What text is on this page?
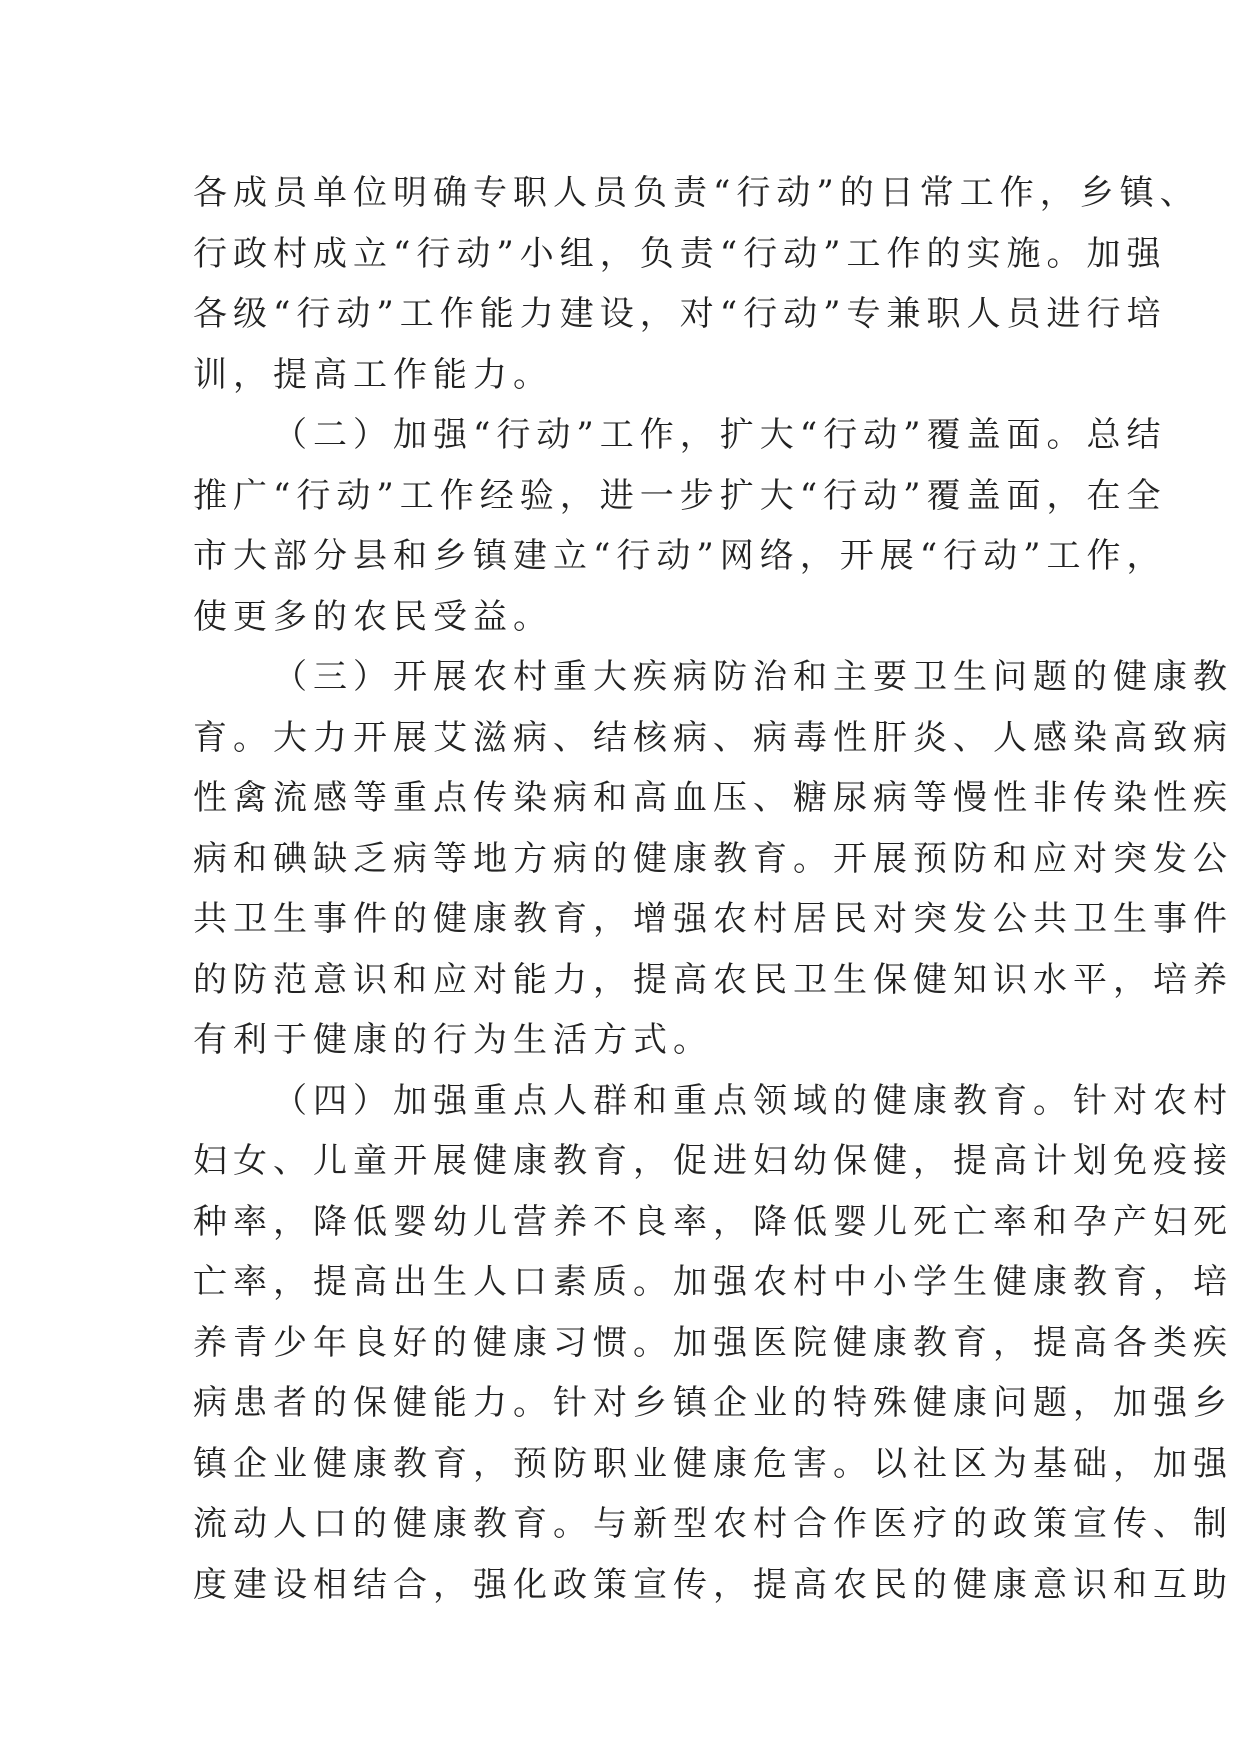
各成员单位明确专职人员负责“行动”的日常工作，乡镇、
行政村成立“行动”小组，负责“行动”工作的实施。加强
各级“行动”工作能力建设，对“行动”专兼职人员进行培
训，提高工作能力。

（二）加强“行动”工作，扩大“行动”覆盖面。总结
推广“行动”工作经验，进一步扩大“行动”覆盖面，在全
市大部分县和乡镇建立“行动”网络，开展“行动”工作，
使更多的农民受益。

（三）开展农村重大疾病防治和主要卫生问题的健康教
育。大力开展艾滋病、结核病、病毒性肝炎、人感染高致病
性禽流感等重点传染病和高血压、糖尿病等慢性非传染性疾
病和碘缺乏病等地方病的健康教育。开展预防和应对突发公
共卫生事件的健康教育，增强农村居民对突发公共卫生事件
的防范意识和应对能力，提高农民卫生保健知识水平，培养
有利于健康的行为生活方式。

（四）加强重点人群和重点领域的健康教育。针对农村
妇女、儿童开展健康教育，促进妇幼保健，提高计划免疫接
种率，降低婴幼儿营养不良率，降低婴儿死亡率和孕产妇死
亡率，提高出生人口素质。加强农村中小学生健康教育，培
养青少年良好的健康习惯。加强医院健康教育，提高各类疾
病患者的保健能力。针对乡镇企业的特殊健康问题，加强乡
镇企业健康教育，预防职业健康危害。以社区为基础，加强
流动人口的健康教育。与新型农村合作医疗的政策宣传、制
度建设相结合，强化政策宣传，提高农民的健康意识和互助
